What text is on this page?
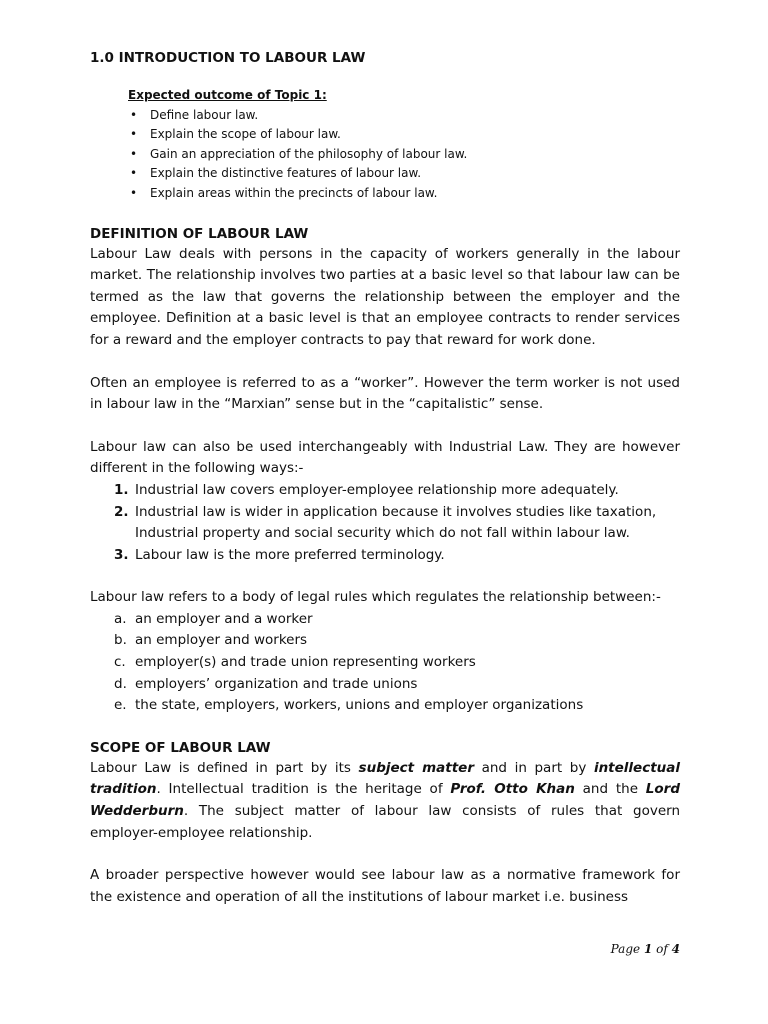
1.0 INTRODUCTION TO LABOUR LAW
Expected outcome of Topic 1:
• Define labour law.
• Explain the scope of labour law.
• Gain an appreciation of the philosophy of labour law.
• Explain the distinctive features of labour law.
• Explain areas within the precincts of labour law.
DEFINITION OF LABOUR LAW

Labour Law deals with persons in the capacity of workers generally in the labour market. The relationship involves two parties at a basic level so that labour law can be termed as the law that governs the relationship between the employer and the employee. Definition at a basic level is that an employee contracts to render services for a reward and the employer contracts to pay that reward for work done.

Often an employee is referred to as a “worker”. However the term worker is not used in labour law in the “Marxian” sense but in the “capitalistic” sense.

Labour law can also be used interchangeably with Industrial Law. They are however different in the following ways:-

1. Industrial law covers employer-employee relationship more adequately.
2. Industrial law is wider in application because it involves studies like taxation, Industrial property and social security which do not fall within labour law.
3. Labour law is the more preferred terminology.

Labour law refers to a body of legal rules which regulates the relationship between:-

a. an employer and a worker
b. an employer and workers
c. employer(s) and trade union representing workers
d. employers’ organization and trade unions
e. the state, employers, workers, unions and employer organizations
SCOPE OF LABOUR LAW

Labour Law is defined in part by its subject matter and in part by intellectual tradition. Intellectual tradition is the heritage of Prof. Otto Khan and the Lord Wedderburn. The subject matter of labour law consists of rules that govern employer-employee relationship.

A broader perspective however would see labour law as a normative framework for the existence and operation of all the institutions of labour market i.e. business

Page 1 of 4
